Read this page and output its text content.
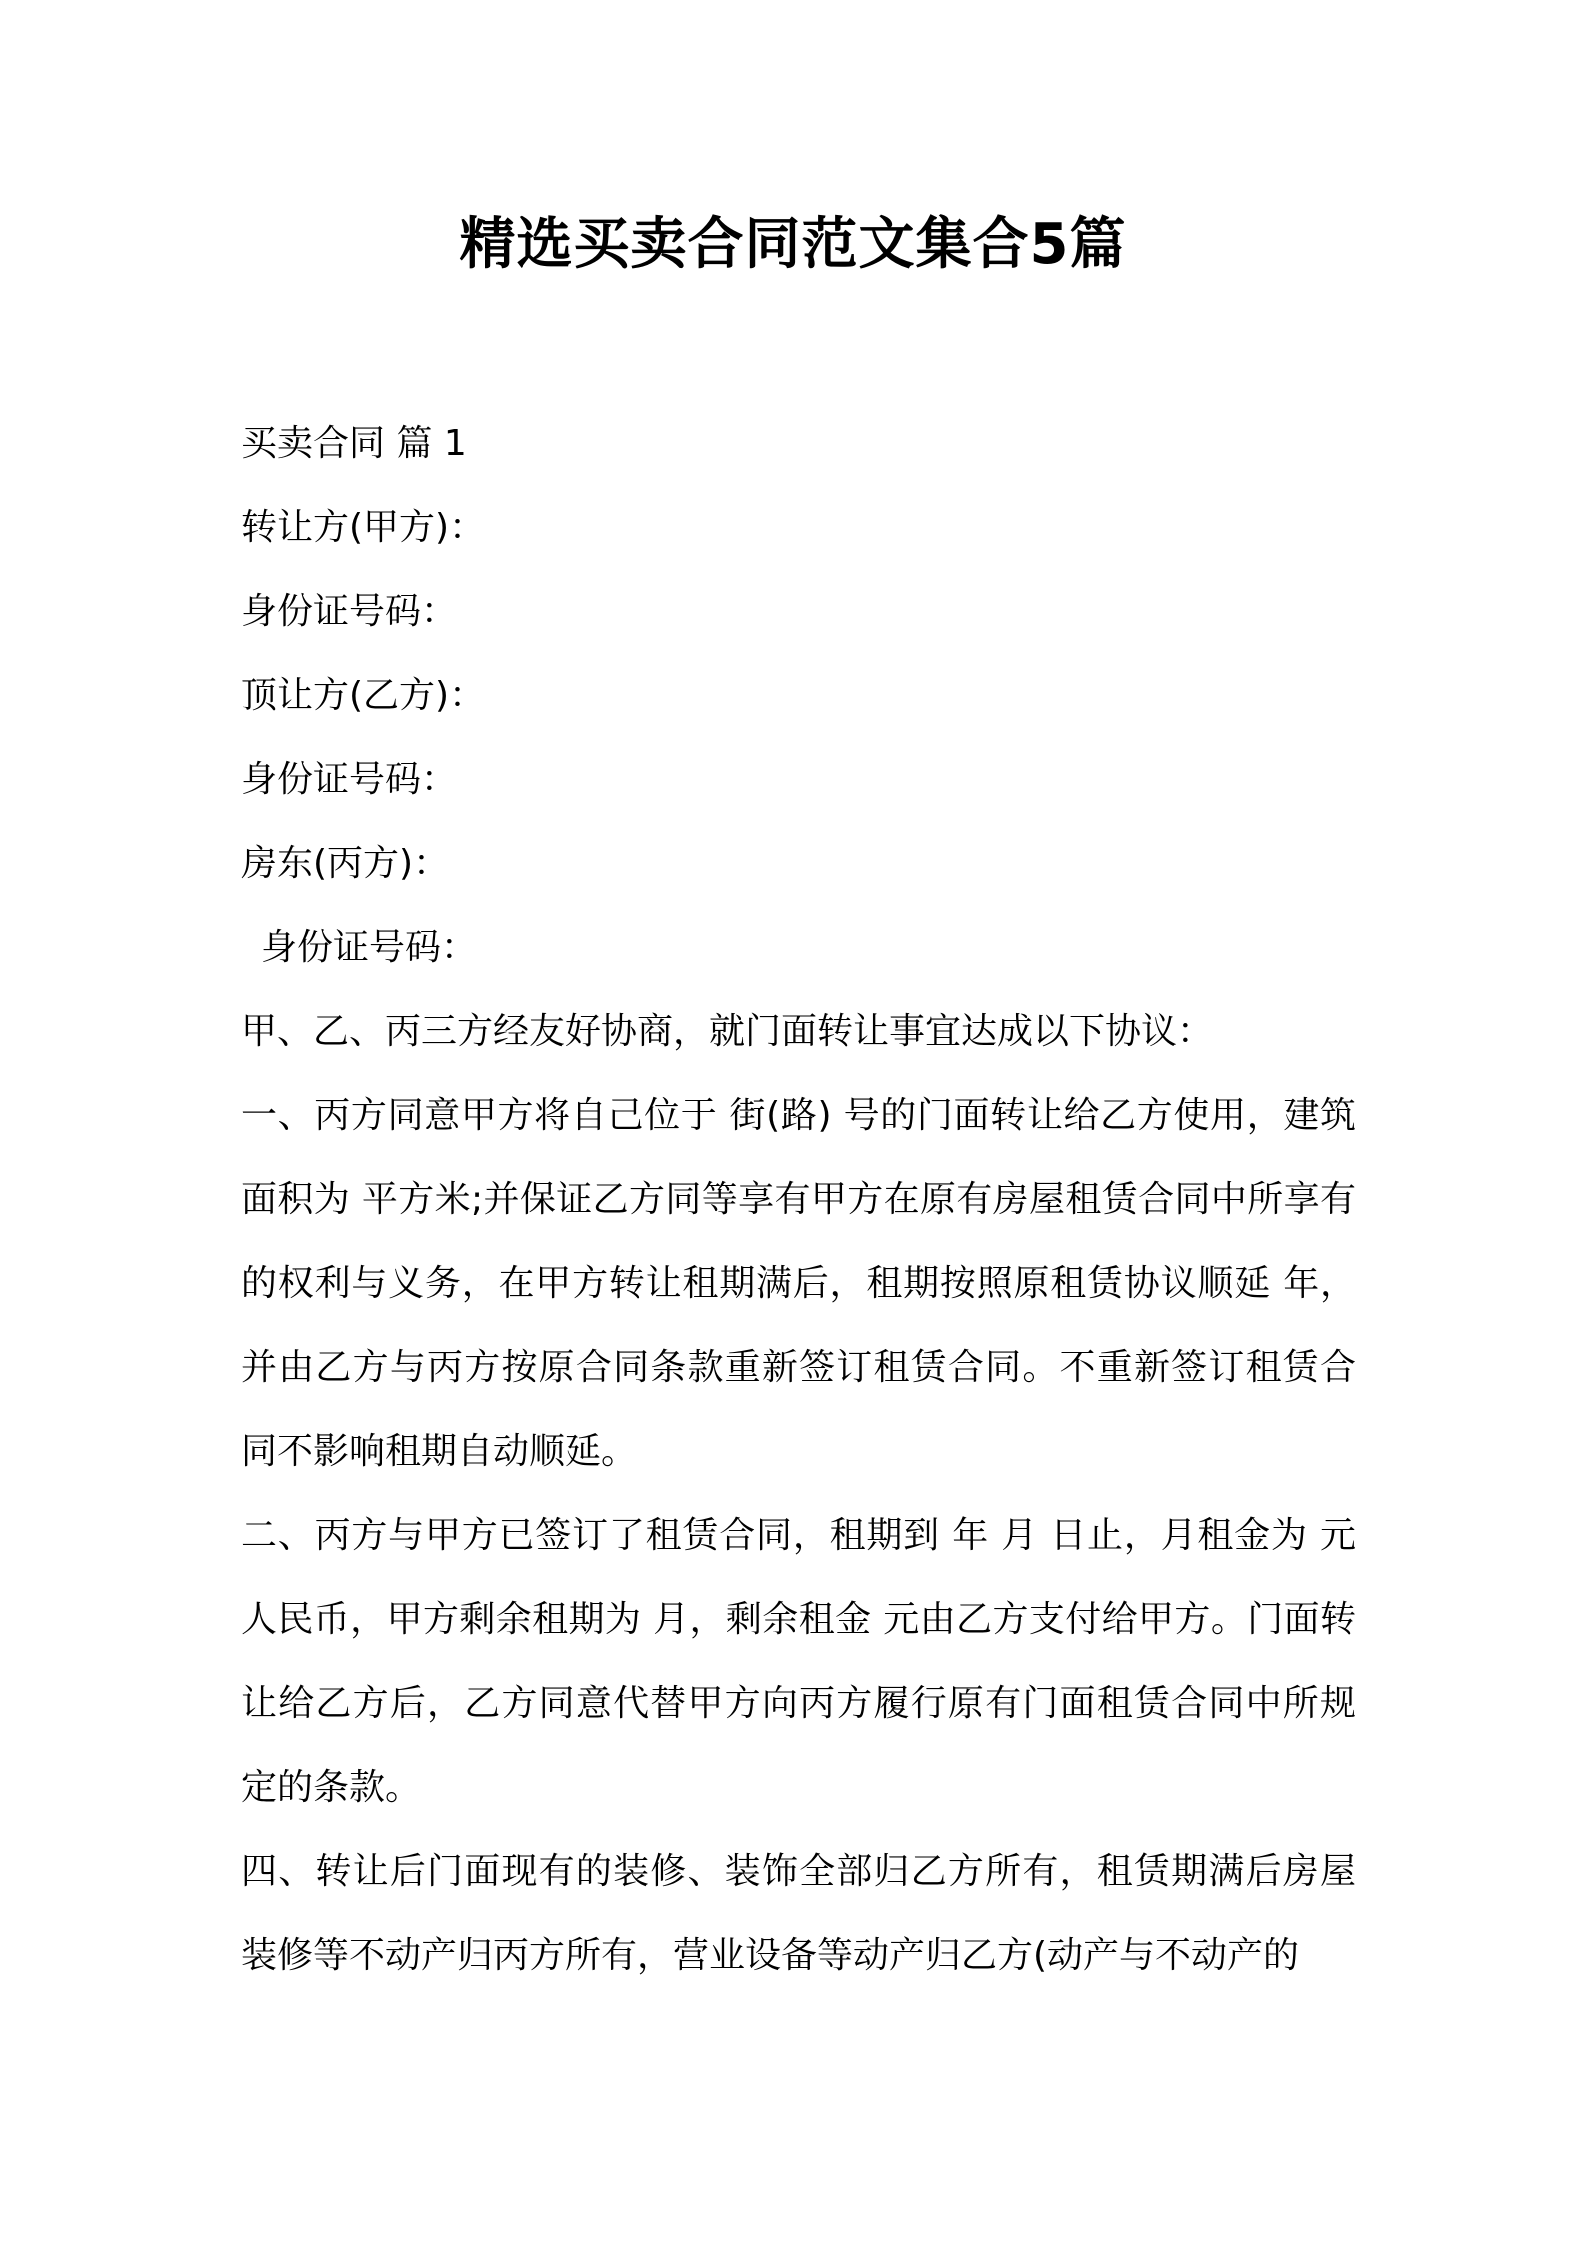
精选买卖合同范文集合5篇

买卖合同 篇 1

转让方(甲方)：

身份证号码：

顶让方(乙方)：

身份证号码：

房东(丙方)：

身份证号码：

甲、乙、丙三方经友好协商，就门面转让事宜达成以下协议：

一、丙方同意甲方将自己位于 街(路) 号的门面转让给乙方使用，建筑面积为 平方米;并保证乙方同等享有甲方在原有房屋租赁合同中所享有的权利与义务，在甲方转让租期满后，租期按照原租赁协议顺延 年，并由乙方与丙方按原合同条款重新签订租赁合同。不重新签订租赁合同不影响租期自动顺延。

二、丙方与甲方已签订了租赁合同，租期到 年 月 日止，月租金为 元人民币，甲方剩余租期为 月，剩余租金 元由乙方支付给甲方。门面转让给乙方后，乙方同意代替甲方向丙方履行原有门面租赁合同中所规定的条款。

四、转让后门面现有的装修、装饰全部归乙方所有，租赁期满后房屋装修等不动产归丙方所有，营业设备等动产归乙方(动产与不动产的
